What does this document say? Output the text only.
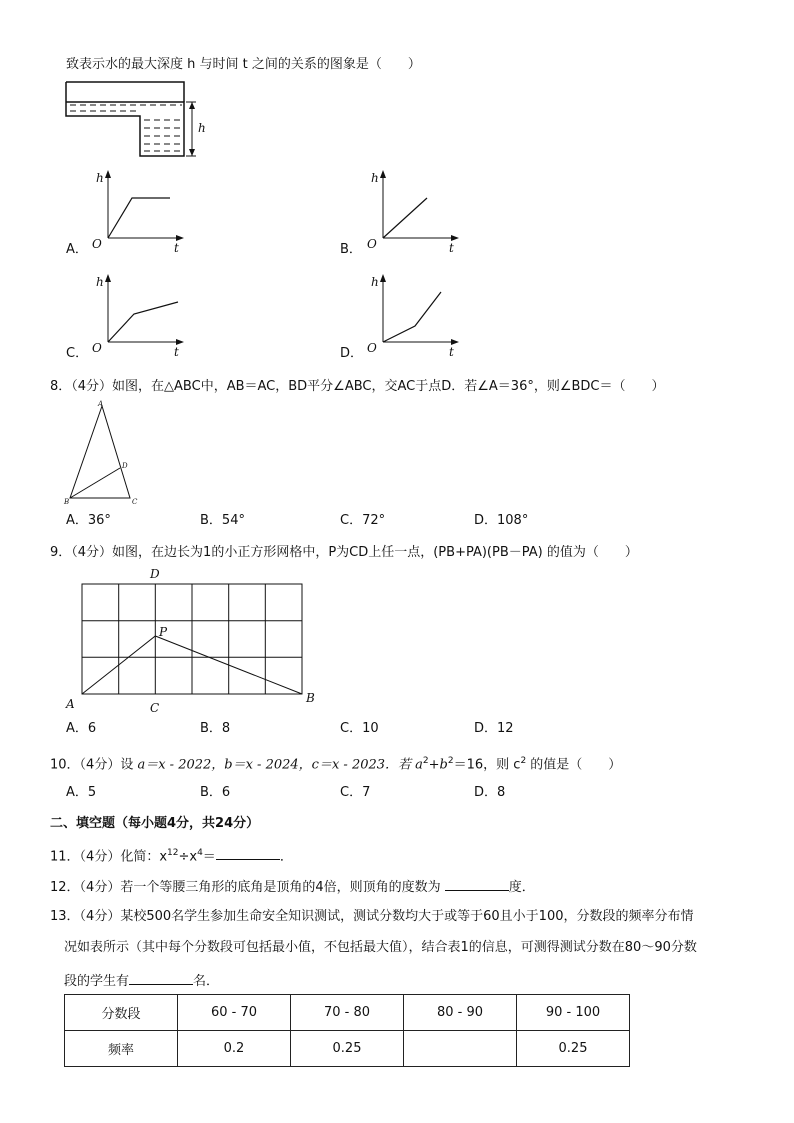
致表示水的最大深度 h 与时间 t 之间的关系的图象是（　　）
h
A．
h
O	t	B．
h
O	t
C．
h
O	t	D．
h
O	t
8．（4分）如图，在△ABC中，AB＝AC，BD平分∠ABC，交AC于点D．若∠A＝36°，则∠BDC＝（　　）
A
B	C
D
A．36°	B．54°	C．72°	D．108°
9．（4分）如图，在边长为1的小正方形网格中，P为CD上任一点，(PB+PA)(PB－PA) 的值为（　　）
D
P
A	C
B
A．6	B．8	C．10	D．12
10．（4分）设 a＝x - 2022，b＝x - 2024，c＝x - 2023．若 $a^2+b^2=16$，则 $c^2$ 的值是（　　）
A．5	B．6	C．7	D．8
二、填空题（每小题4分，共24分）
11．（4分）化简：$x^{12}\div x^4=$	．
12．（4分）若一个等腰三角形的底角是顶角的4倍，则顶角的度数为	度．
13．（4分）某校500名学生参加生命安全知识测试，测试分数均大于或等于60且小于100，分数段的频率分布情
况如表所示（其中每个分数段可包括最小值，不包括最大值），结合表1的信息，可测得测试分数在80～90分数
段的学生有	名．
分数段	60 - 70	70 - 80	80 - 90	90 - 100
频率	0.2	0.25		0.25
